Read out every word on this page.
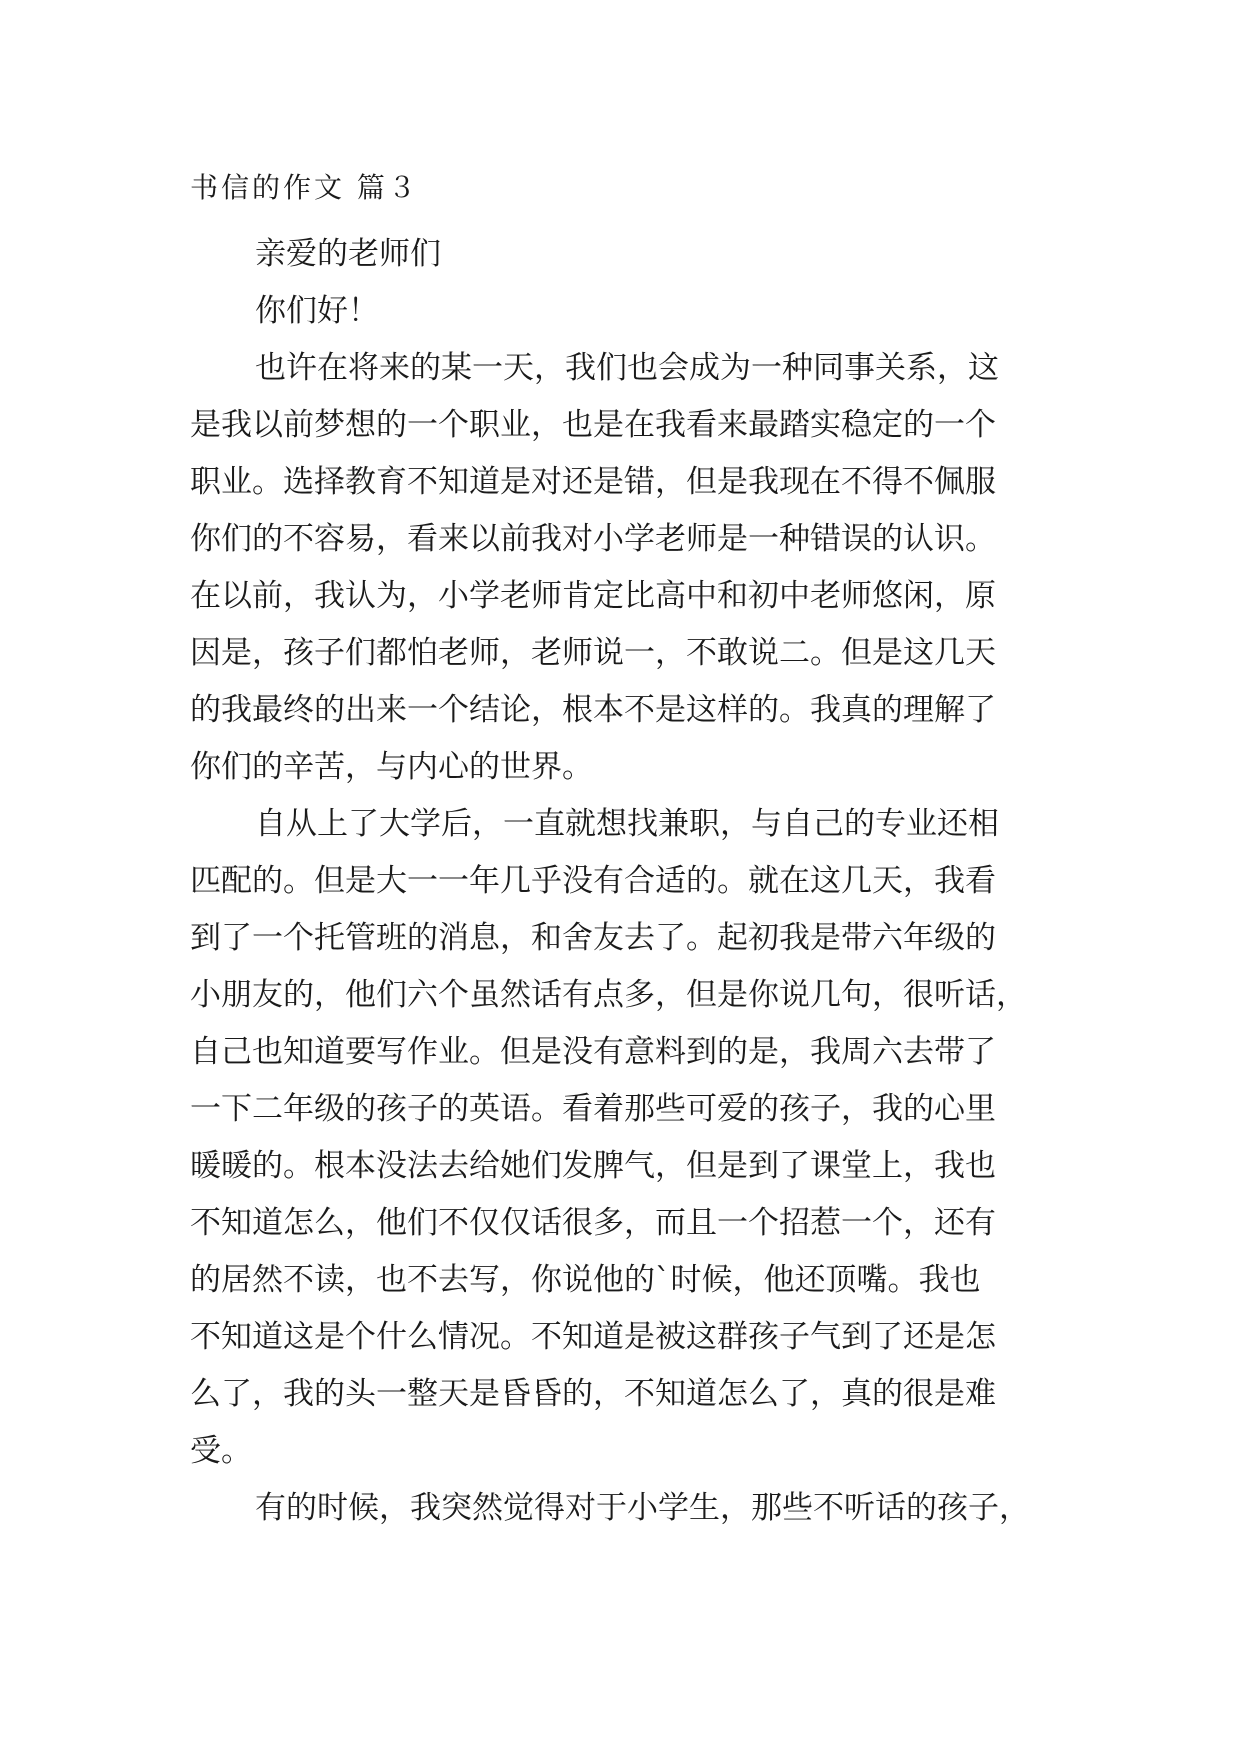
书信的作文 篇３
亲爱的老师们
你们好！
也许在将来的某一天，我们也会成为一种同事关系，这
是我以前梦想的一个职业，也是在我看来最踏实稳定的一个
职业。选择教育不知道是对还是错，但是我现在不得不佩服
你们的不容易，看来以前我对小学老师是一种错误的认识。
在以前，我认为，小学老师肯定比高中和初中老师悠闲，原
因是，孩子们都怕老师，老师说一，不敢说二。但是这几天
的我最终的出来一个结论，根本不是这样的。我真的理解了
你们的辛苦，与内心的世界。
自从上了大学后，一直就想找兼职，与自己的专业还相
匹配的。但是大一一年几乎没有合适的。就在这几天，我看
到了一个托管班的消息，和舍友去了。起初我是带六年级的
小朋友的，他们六个虽然话有点多，但是你说几句，很听话，
自己也知道要写作业。但是没有意料到的是，我周六去带了
一下二年级的孩子的英语。看着那些可爱的孩子，我的心里
暖暖的。根本没法去给她们发脾气，但是到了课堂上，我也
不知道怎么，他们不仅仅话很多，而且一个招惹一个，还有
的居然不读，也不去写，你说他的`时候，他还顶嘴。我也
不知道这是个什么情况。不知道是被这群孩子气到了还是怎
么了，我的头一整天是昏昏的，不知道怎么了，真的很是难
受。
有的时候，我突然觉得对于小学生，那些不听话的孩子，
